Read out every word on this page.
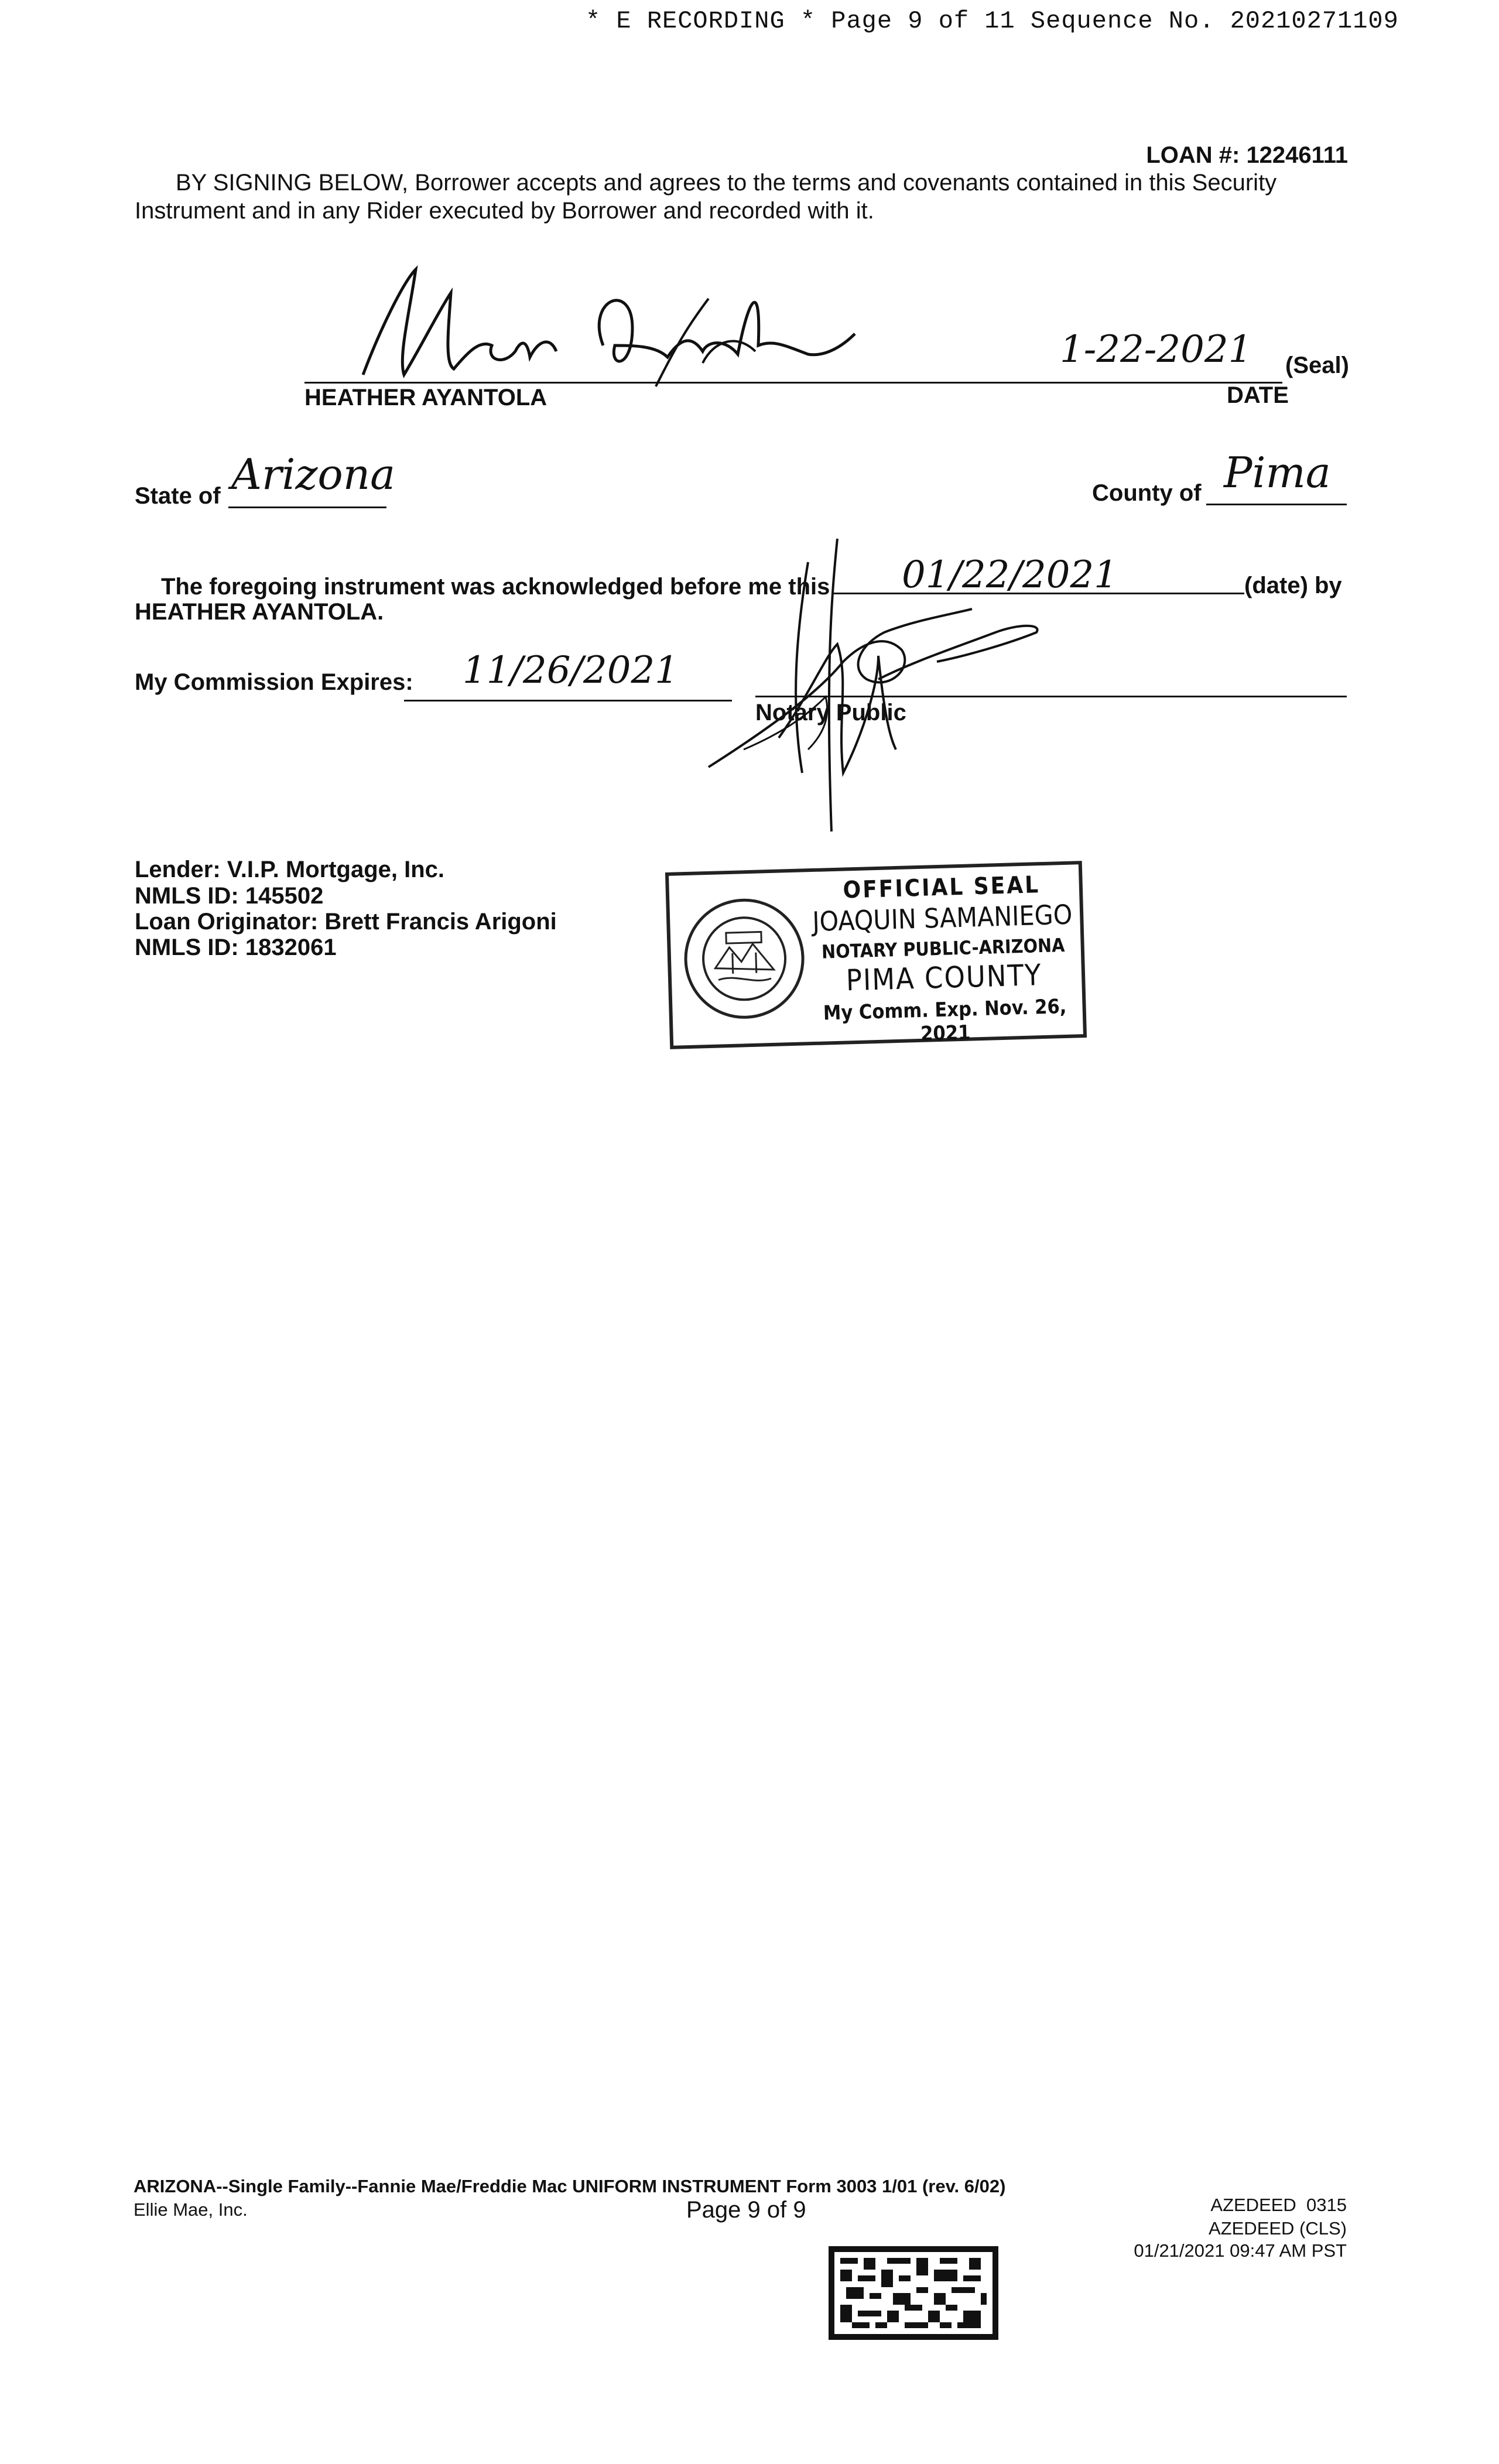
* E RECORDING * Page 9 of 11 Sequence No. 20210271109
LOAN #: 12246111
BY SIGNING BELOW, Borrower accepts and agrees to the terms and covenants contained in this Security
Instrument and in any Rider executed by Borrower and recorded with it.
1-22-2021 (Seal)
HEATHER AYANTOLA	DATE
State of Arizona	County of Pima
The foregoing instrument was acknowledged before me this 01/22/2021	(date) by
HEATHER AYANTOLA.
My Commission Expires: 11/26/2021
Notary Public
Lender: V.I.P. Mortgage, Inc.
NMLS ID: 145502
Loan Originator: Brett Francis Arigoni
NMLS ID: 1832061
OFFICIAL SEAL
JOAQUIN SAMANIEGO
NOTARY PUBLIC-ARIZONA
PIMA COUNTY
My Comm. Exp. Nov. 26, 2021
ARIZONA--Single Family--Fannie Mae/Freddie Mac UNIFORM INSTRUMENT Form 3003 1/01 (rev. 6/02)
Ellie Mae, Inc.	Page 9 of 9	AZEDEED  0315
AZEDEED (CLS)
01/21/2021 09:47 AM PST
